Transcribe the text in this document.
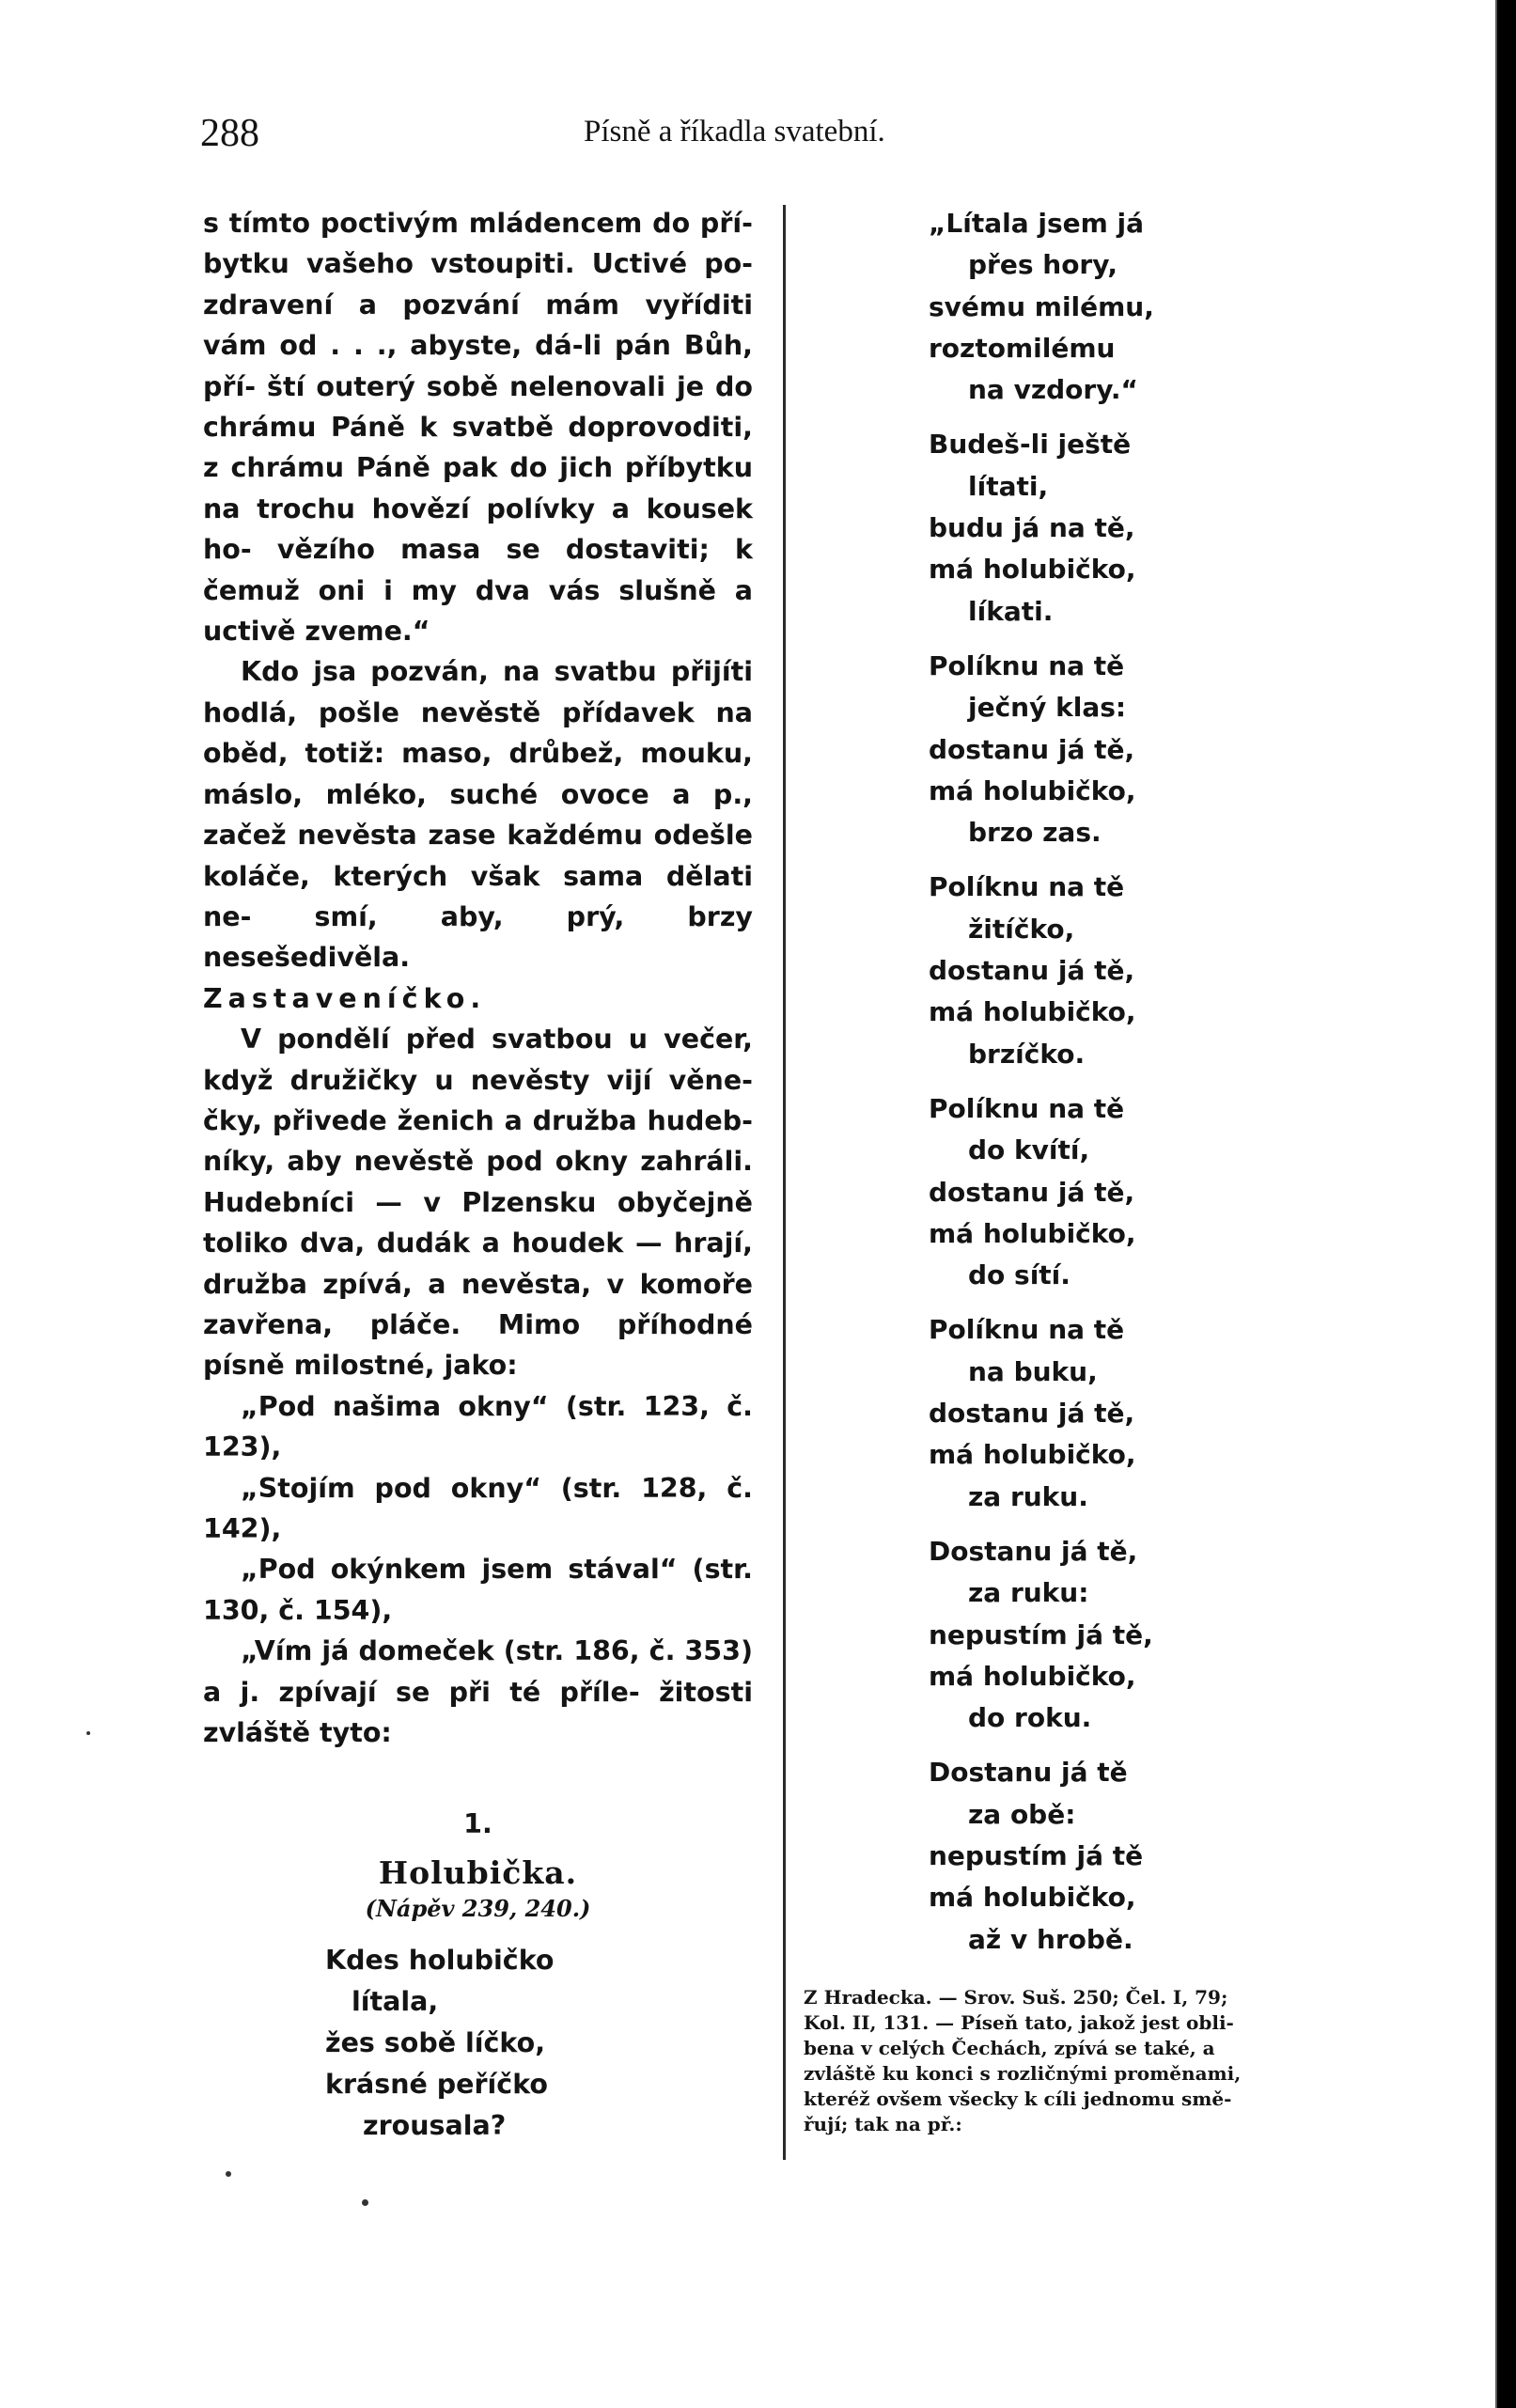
288	Písně a říkadla svatební.

s tímto poctivým mládencem do pří- bytku vašeho vstoupiti. Uctivé po- zdravení a pozvání mám vyříditi vám od . . ., abyste, dá-li pán Bůh, pří- ští outerý sobě nelenovali je do chrámu Páně k svatbě doprovoditi, z chrámu Páně pak do jich příbytku na trochu hovězí polívky a kousek ho- vězího masa se dostaviti; k čemuž oni i my dva vás slušně a uctivě zveme.“

Kdo jsa pozván, na svatbu přijíti hodlá, pošle nevěstě přídavek na oběd, totiž: maso, drůbež, mouku, máslo, mléko, suché ovoce a p., začež nevěsta zase každému odešle koláče, kterých však sama dělati ne- smí, aby, prý, brzy nesešedivěla.

Zastaveníčko.

V pondělí před svatbou u večer, když družičky u nevěsty vijí věne- čky, přivede ženich a družba hudeb- níky, aby nevěstě pod okny zahráli. Hudebníci — v Plzensku obyčejně toliko dva, dudák a houdek — hrají, družba zpívá, a nevěsta, v komoře zavřena, pláče. Mimo příhodné písně milostné, jako:

„Pod našima okny“ (str. 123, č. 123),

„Stojím pod okny“ (str. 128, č. 142),

„Pod okýnkem jsem stával“ (str. 130, č. 154),

„Vím já domeček (str. 186, č. 353) a j. zpívají se při té příle- žitosti zvláště tyto:

1.
Holubička.
(Nápěv 239, 240.)
Kdes holubičko
lítala,
žes sobě líčko,
krásné peříčko
zrousala?
„Lítala jsem já
přes hory,
svému milému,
roztomilému
na vzdory.“
Budeš-li ještě
lítati,
budu já na tě,
má holubičko,
líkati.
Políknu na tě
ječný klas:
dostanu já tě,
má holubičko,
brzo zas.
Políknu na tě
žitíčko,
dostanu já tě,
má holubičko,
brzíčko.
Políknu na tě
do kvítí,
dostanu já tě,
má holubičko,
do sítí.
Políknu na tě
na buku,
dostanu já tě,
má holubičko,
za ruku.
Dostanu já tě,
za ruku:
nepustím já tě,
má holubičko,
do roku.
Dostanu já tě
za obě:
nepustím já tě
má holubičko,
až v hrobě.
Z Hradecka. — Srov. Suš. 250; Čel. I, 79;
Kol. II, 131. — Píseň tato, jakož jest obli-
bena v celých Čechách, zpívá se také, a
zvláště ku konci s rozličnými proměnami,
kteréž ovšem všecky k cíli jednomu smě-
řují; tak na př.:
